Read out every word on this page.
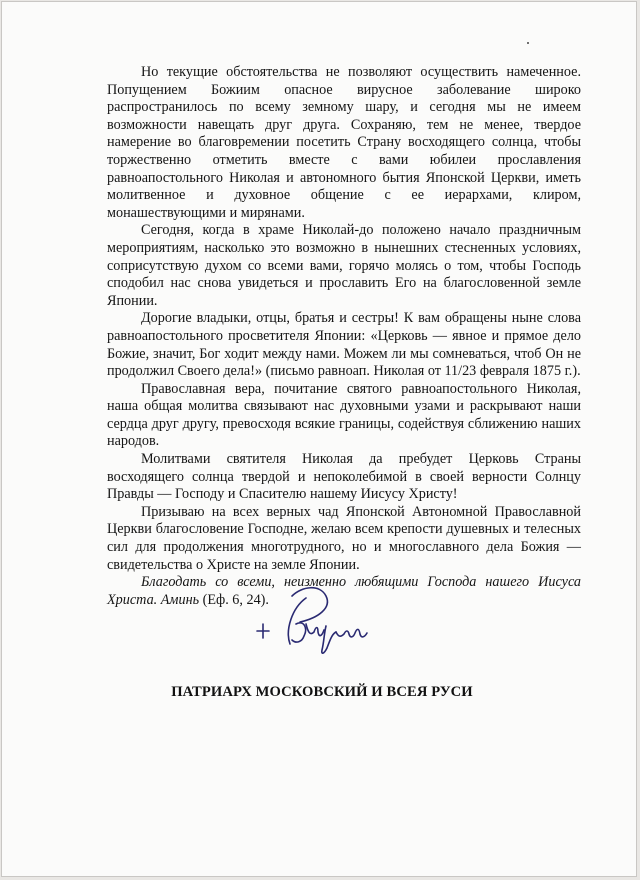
Но текущие обстоятельства не позволяют осуществить намеченное. Попущением Божиим опасное вирусное заболевание широко распространилось по всему земному шару, и сегодня мы не имеем возможности навещать друг друга. Сохраняю, тем не менее, твердое намерение во благовремении посетить Страну восходящего солнца, чтобы торжественно отметить вместе с вами юбилеи прославления равноапостольного Николая и автономного бытия Японской Церкви, иметь молитвенное и духовное общение с ее иерархами, клиром, монашествующими и мирянами.

Сегодня, когда в храме Николай-до положено начало праздничным мероприятиям, насколько это возможно в нынешних стесненных условиях, соприсутствую духом со всеми вами, горячо молясь о том, чтобы Господь сподобил нас снова увидеться и прославить Его на благословенной земле Японии.

Дорогие владыки, отцы, братья и сестры! К вам обращены ныне слова равноапостольного просветителя Японии: «Церковь — явное и прямое дело Божие, значит, Бог ходит между нами. Можем ли мы сомневаться, чтоб Он не продолжил Своего дела!» (письмо равноап. Николая от 11/23 февраля 1875 г.).

Православная вера, почитание святого равноапостольного Николая, наша общая молитва связывают нас духовными узами и раскрывают наши сердца друг другу, превосходя всякие границы, содействуя сближению наших народов.

Молитвами святителя Николая да пребудет Церковь Страны восходящего солнца твердой и непоколебимой в своей верности Солнцу Правды — Господу и Спасителю нашему Иисусу Христу!

Призываю на всех верных чад Японской Автономной Православной Церкви благословение Господне, желаю всем крепости душевных и телесных сил для продолжения многотрудного, но и многославного дела Божия — свидетельства о Христе на земле Японии.

Благодать со всеми, неизменно любящими Господа нашего Иисуса Христа. Аминь (Еф. 6, 24).

ПАТРИАРХ МОСКОВСКИЙ И ВСЕЯ РУСИ
